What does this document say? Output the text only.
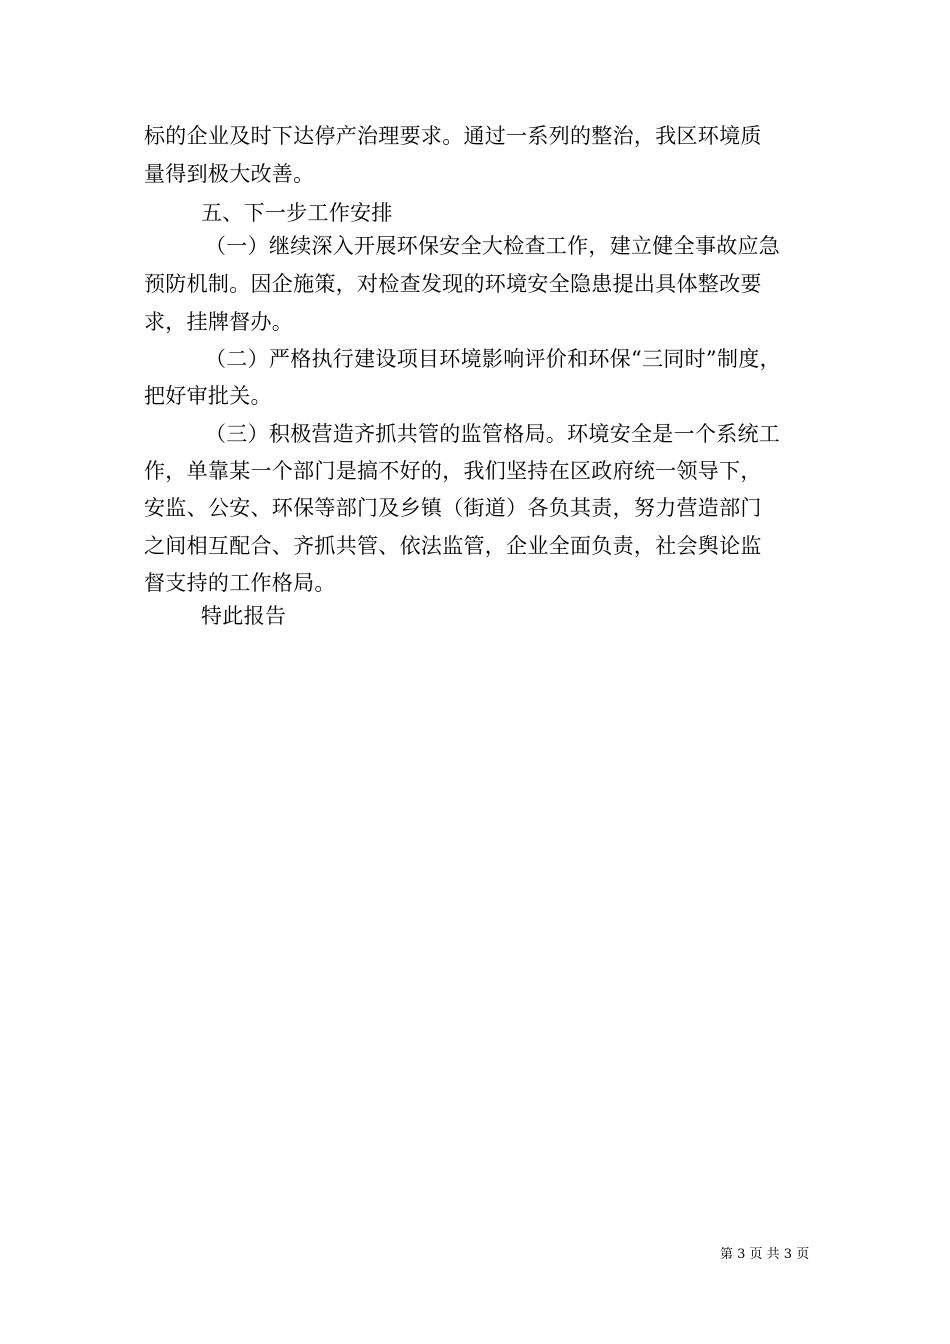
标的企业及时下达停产治理要求。通过一系列的整治，我区环境质
量得到极大改善。
五、下一步工作安排
（一）继续深入开展环保安全大检查工作，建立健全事故应急
预防机制。因企施策，对检查发现的环境安全隐患提出具体整改要
求，挂牌督办。
（二）严格执行建设项目环境影响评价和环保“三同时”制度，
把好审批关。
（三）积极营造齐抓共管的监管格局。环境安全是一个系统工
作，单靠某一个部门是搞不好的，我们坚持在区政府统一领导下，
安监、公安、环保等部门及乡镇（街道）各负其责，努力营造部门
之间相互配合、齐抓共管、依法监管，企业全面负责，社会舆论监
督支持的工作格局。
特此报告
第 3 页 共 3 页
